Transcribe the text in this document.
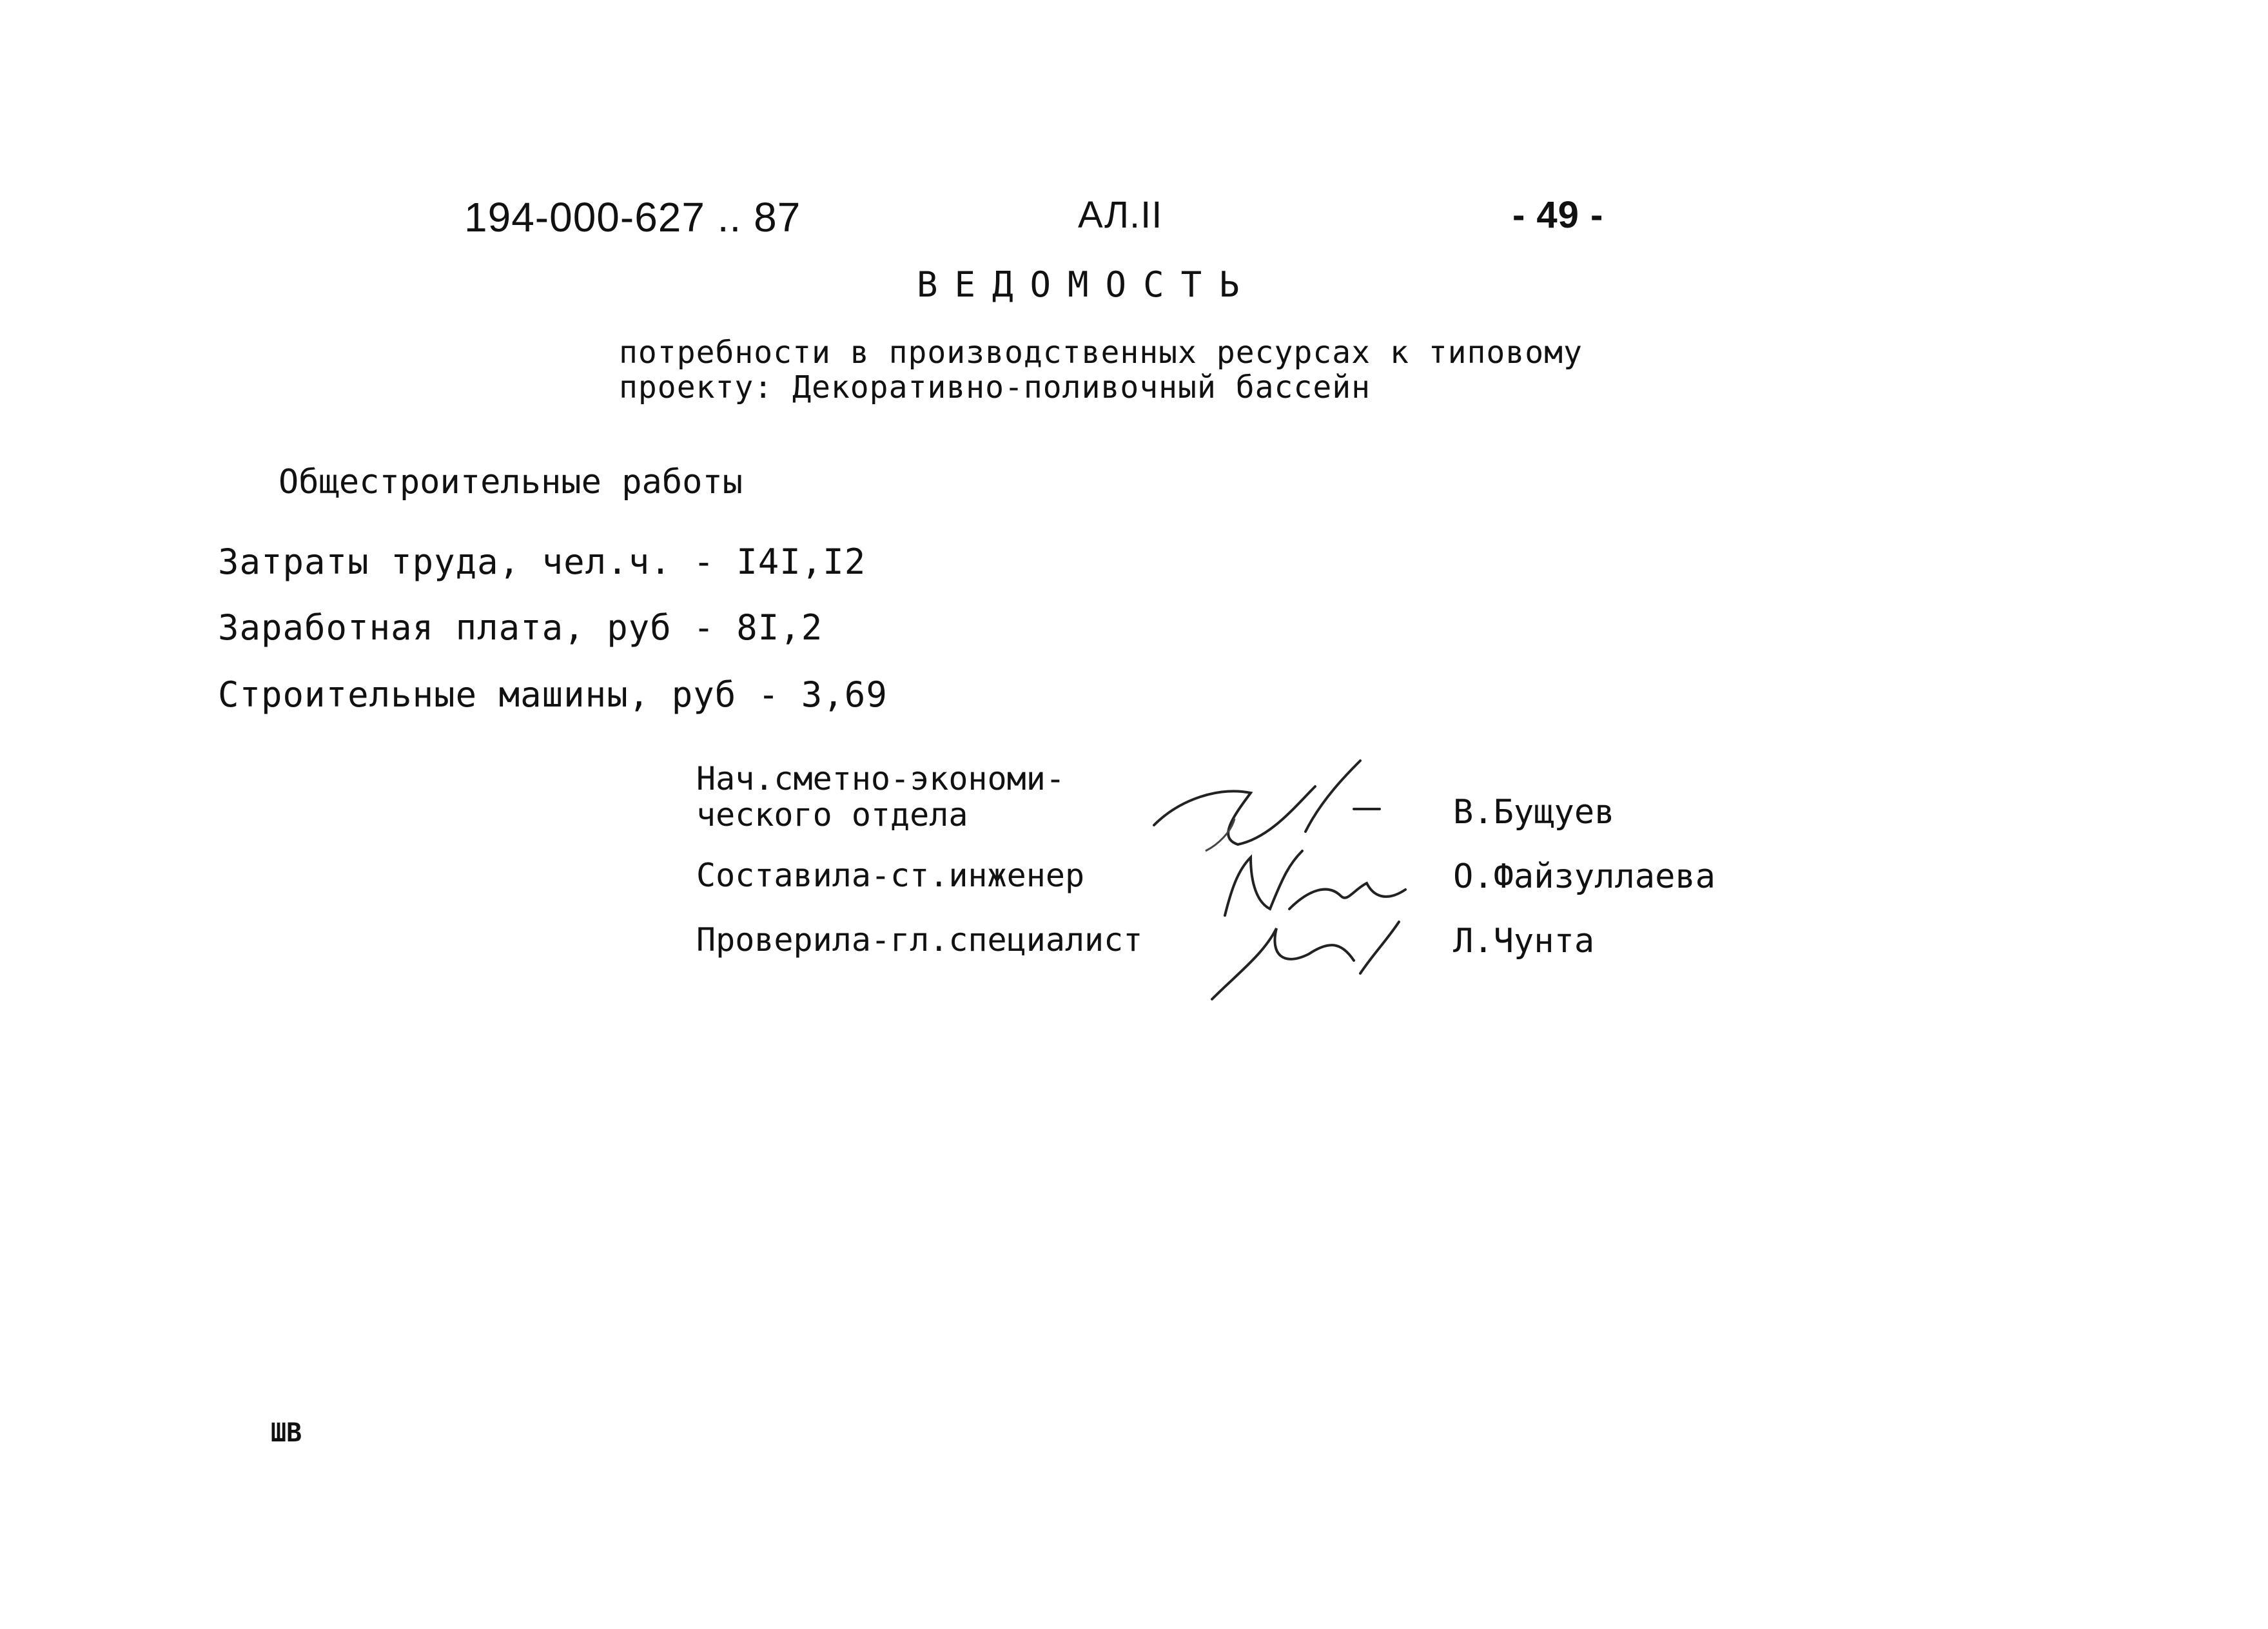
194-000-627 .. 87	АЛ.II	- 49 -
ВЕДОМОСТЬ
потребности в производственных ресурсах к типовому
проекту: Декоративно-поливочный бассейн
Общестроительные работы
Затраты труда, чел.ч. - І4І,І2
Заработная плата, руб - 8І,2
Строительные машины, руб - 3,69
Нач.сметно-экономи-
ческого отдела	В.Бущуев
Составила-ст.инженер	О.Файзуллаева
Проверила-гл.специалист	Л.Чунта
ШВ
